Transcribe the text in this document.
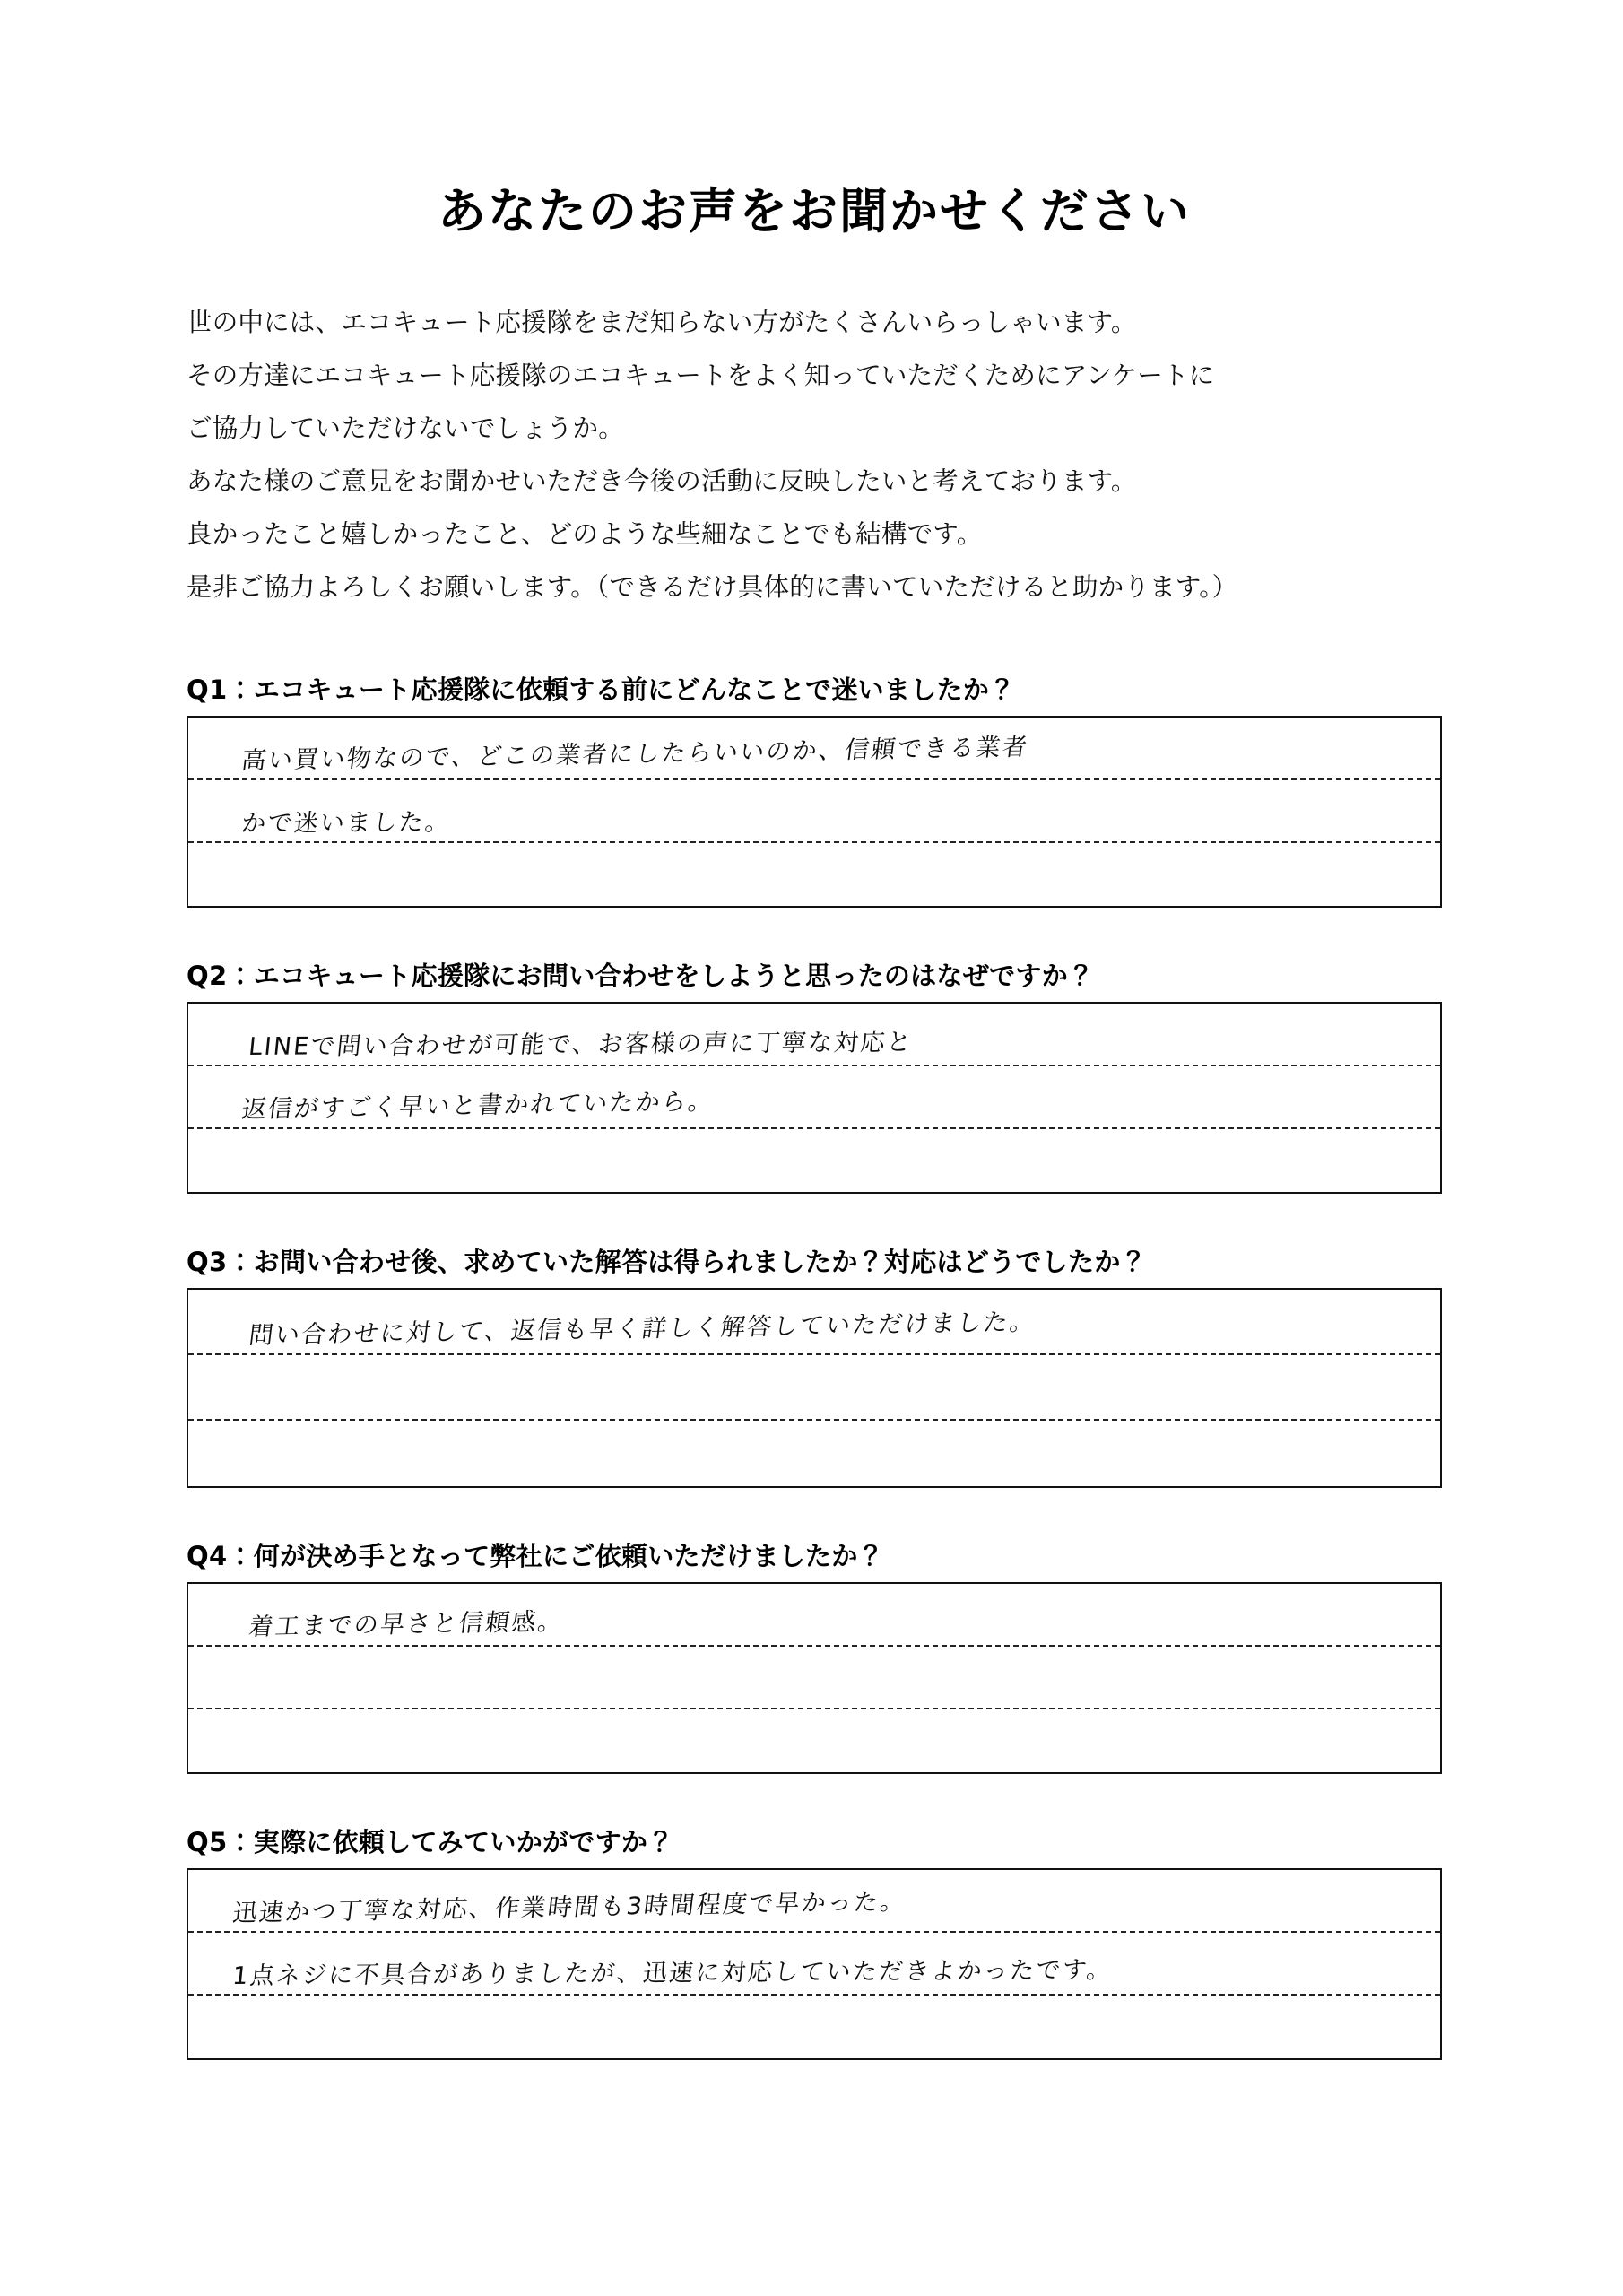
あなたのお声をお聞かせください
世の中には、エコキュート応援隊をまだ知らない方がたくさんいらっしゃいます。
その方達にエコキュート応援隊のエコキュートをよく知っていただくためにアンケートに
ご協力していただけないでしょうか。
あなた様のご意見をお聞かせいただき今後の活動に反映したいと考えております。
良かったこと嬉しかったこと、どのような些細なことでも結構です。
是非ご協力よろしくお願いします。（できるだけ具体的に書いていただけると助かります。）
Q1：エコキュート応援隊に依頼する前にどんなことで迷いましたか？
高い買い物なので、どこの業者にしたらいいのか、信頼できる業者
かで迷いました。
Q2：エコキュート応援隊にお問い合わせをしようと思ったのはなぜですか？
LINEで問い合わせが可能で、お客様の声に丁寧な対応と
返信がすごく早いと書かれていたから。
Q3：お問い合わせ後、求めていた解答は得られましたか？対応はどうでしたか？
問い合わせに対して、返信も早く詳しく解答していただけました。
Q4：何が決め手となって弊社にご依頼いただけましたか？
着工までの早さと信頼感。
Q5：実際に依頼してみていかがですか？
迅速かつ丁寧な対応、作業時間も3時間程度で早かった。
1点ネジに不具合がありましたが、迅速に対応していただきよかったです。
